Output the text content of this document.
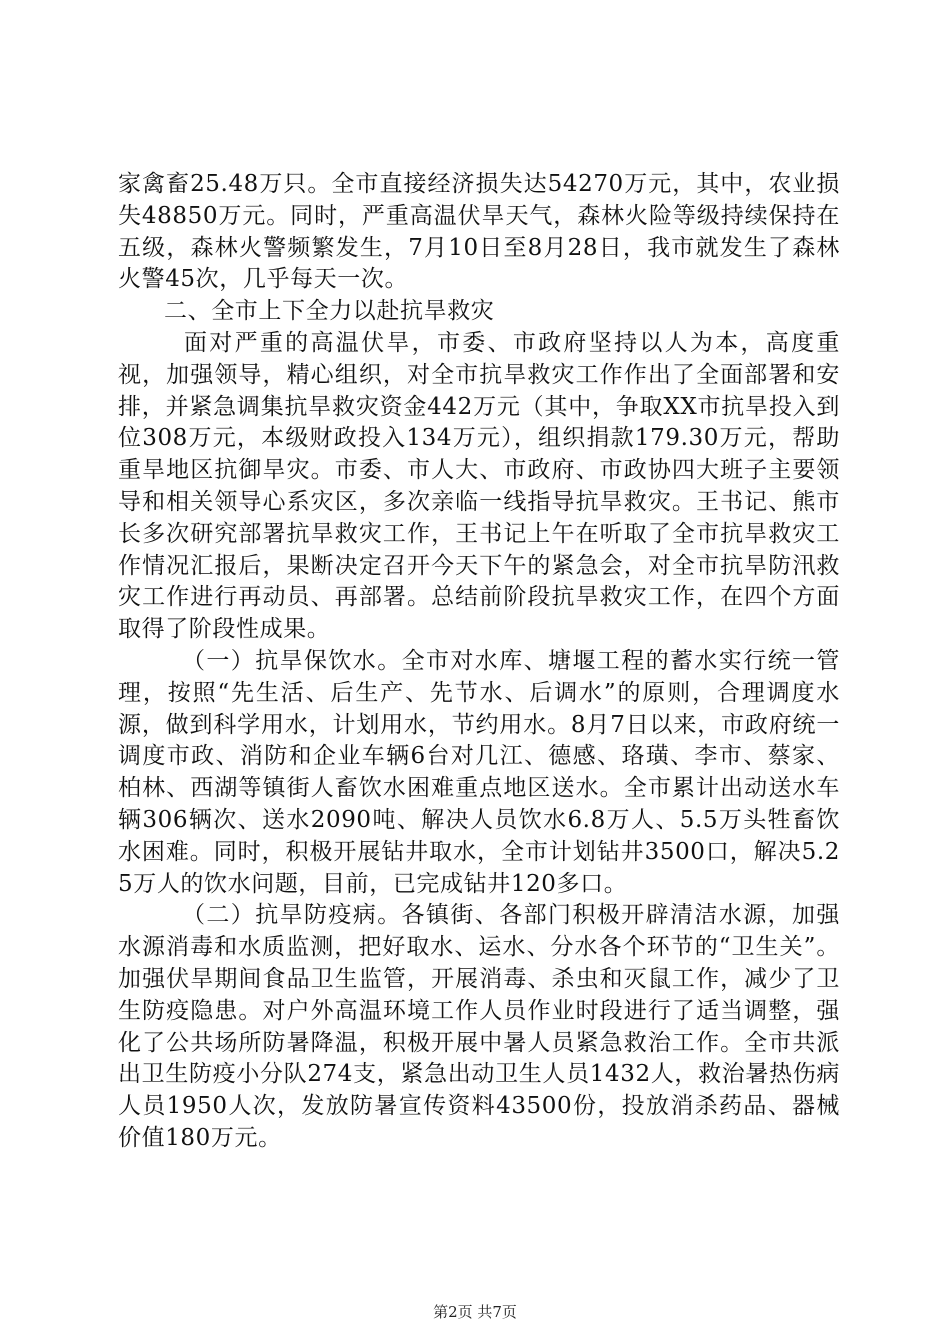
家禽畜25.48万只。全市直接经济损失达54270万元，其中，农业损失48850万元。同时，严重高温伏旱天气，森林火险等级持续保持在五级，森林火警频繁发生，7月10日至8月28日，我市就发生了森林火警45次，几乎每天一次。

二、全市上下全力以赴抗旱救灾

面对严重的高温伏旱，市委、市政府坚持以人为本，高度重视，加强领导，精心组织，对全市抗旱救灾工作作出了全面部署和安排，并紧急调集抗旱救灾资金442万元（其中，争取XX市抗旱投入到位308万元，本级财政投入134万元），组织捐款179.30万元，帮助重旱地区抗御旱灾。市委、市人大、市政府、市政协四大班子主要领导和相关领导心系灾区，多次亲临一线指导抗旱救灾。王书记、熊市长多次研究部署抗旱救灾工作，王书记上午在听取了全市抗旱救灾工作情况汇报后，果断决定召开今天下午的紧急会，对全市抗旱防汛救灾工作进行再动员、再部署。总结前阶段抗旱救灾工作，在四个方面取得了阶段性成果。

（一）抗旱保饮水。全市对水库、塘堰工程的蓄水实行统一管理，按照“先生活、后生产、先节水、后调水”的原则，合理调度水源，做到科学用水，计划用水，节约用水。8月7日以来，市政府统一调度市政、消防和企业车辆6台对几江、德感、珞璜、李市、蔡家、柏林、西湖等镇街人畜饮水困难重点地区送水。全市累计出动送水车辆306辆次、送水2090吨、解决人员饮水6.8万人、5.5万头牲畜饮水困难。同时，积极开展钻井取水，全市计划钻井3500口，解决5.25万人的饮水问题，目前，已完成钻井120多口。

（二）抗旱防疫病。各镇街、各部门积极开辟清洁水源，加强水源消毒和水质监测，把好取水、运水、分水各个环节的“卫生关”。加强伏旱期间食品卫生监管，开展消毒、杀虫和灭鼠工作，减少了卫生防疫隐患。对户外高温环境工作人员作业时段进行了适当调整，强化了公共场所防暑降温，积极开展中暑人员紧急救治工作。全市共派出卫生防疫小分队274支，紧急出动卫生人员1432人，救治暑热伤病人员1950人次，发放防暑宣传资料43500份，投放消杀药品、器械价值180万元。

第2页 共7页
